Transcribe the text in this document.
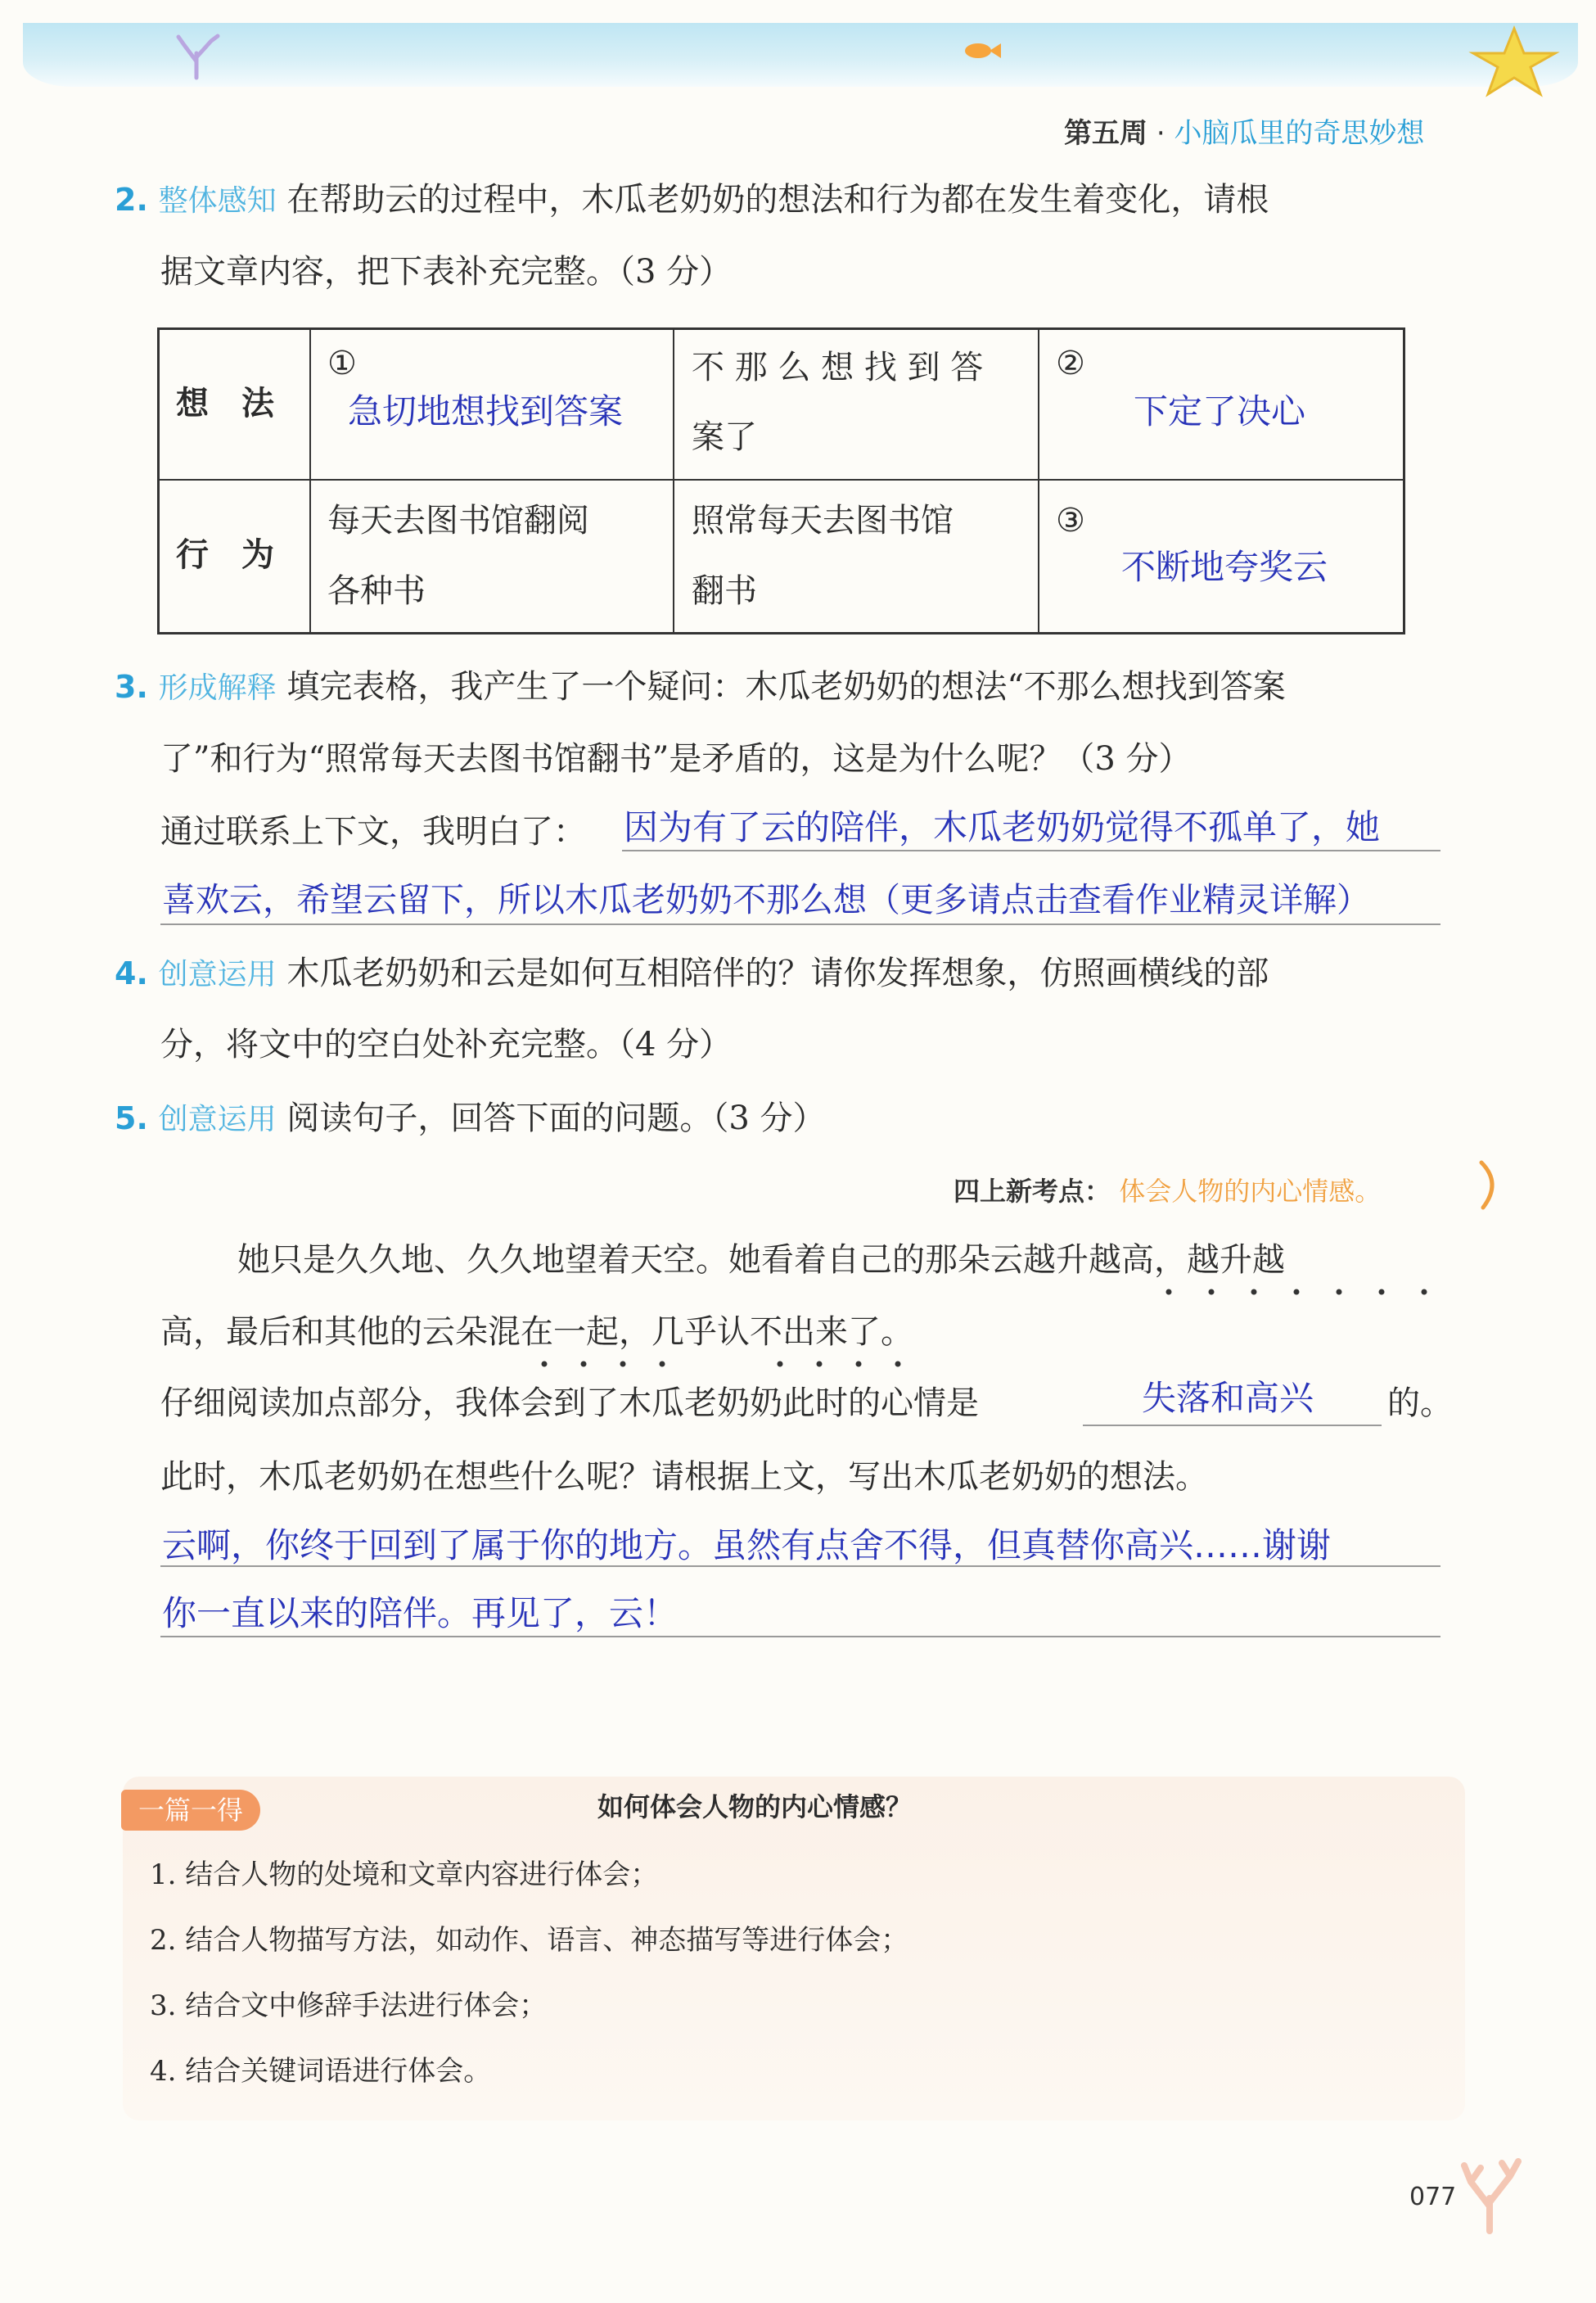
第五周 · 小脑瓜里的奇思妙想
2. 整体感知 在帮助云的过程中，木瓜老奶奶的想法和行为都在发生着变化，请根
据文章内容，把下表补充完整。（3 分）
想　法
行　为
①
急切地想找到答案
不 那 么 想 找 到 答
案了
②
下定了决心
每天去图书馆翻阅
各种书
照常每天去图书馆
翻书
③
不断地夸奖云
3. 形成解释 填完表格，我产生了一个疑问：木瓜老奶奶的想法“不那么想找到答案
了”和行为“照常每天去图书馆翻书”是矛盾的，这是为什么呢？（3 分）
通过联系上下文，我明白了： 因为有了云的陪伴，木瓜老奶奶觉得不孤单了，她
喜欢云，希望云留下，所以木瓜老奶奶不那么想（更多请点击查看作业精灵详解）
4. 创意运用 木瓜老奶奶和云是如何互相陪伴的？请你发挥想象，仿照画横线的部
分，将文中的空白处补充完整。（4 分）
5. 创意运用 阅读句子，回答下面的问题。（3 分）
四上新考点： 体会人物的内心情感。
她只是久久地、久久地望着天空。她看着自己的那朵云越升越高，越升越
高，最后和其他的云朵混在一起，几乎认不出来了。
仔细阅读加点部分，我体会到了木瓜老奶奶此时的心情是	失落和高兴 的。
此时，木瓜老奶奶在想些什么呢？请根据上文，写出木瓜老奶奶的想法。
云啊，你终于回到了属于你的地方。虽然有点舍不得，但真替你高兴……谢谢
你一直以来的陪伴。再见了，云！
一篇一得	如何体会人物的内心情感？
1. 结合人物的处境和文章内容进行体会；
2. 结合人物描写方法，如动作、语言、神态描写等进行体会；
3. 结合文中修辞手法进行体会；
4. 结合关键词语进行体会。
077
